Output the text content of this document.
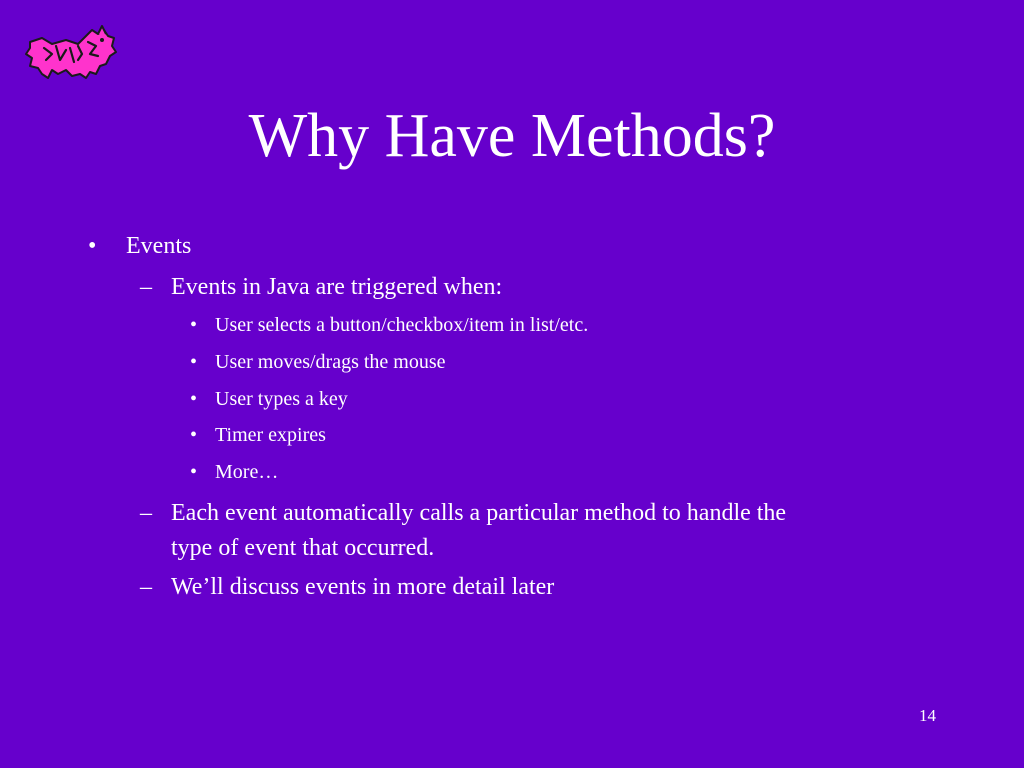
Why Have Methods?
• Events
– Events in Java are triggered when:
• User selects a button/checkbox/item in list/etc.
• User moves/drags the mouse
• User types a key
• Timer expires
• More…
– Each event automatically calls a particular method to handle the
type of event that occurred.
– We’ll discuss events in more detail later
14
